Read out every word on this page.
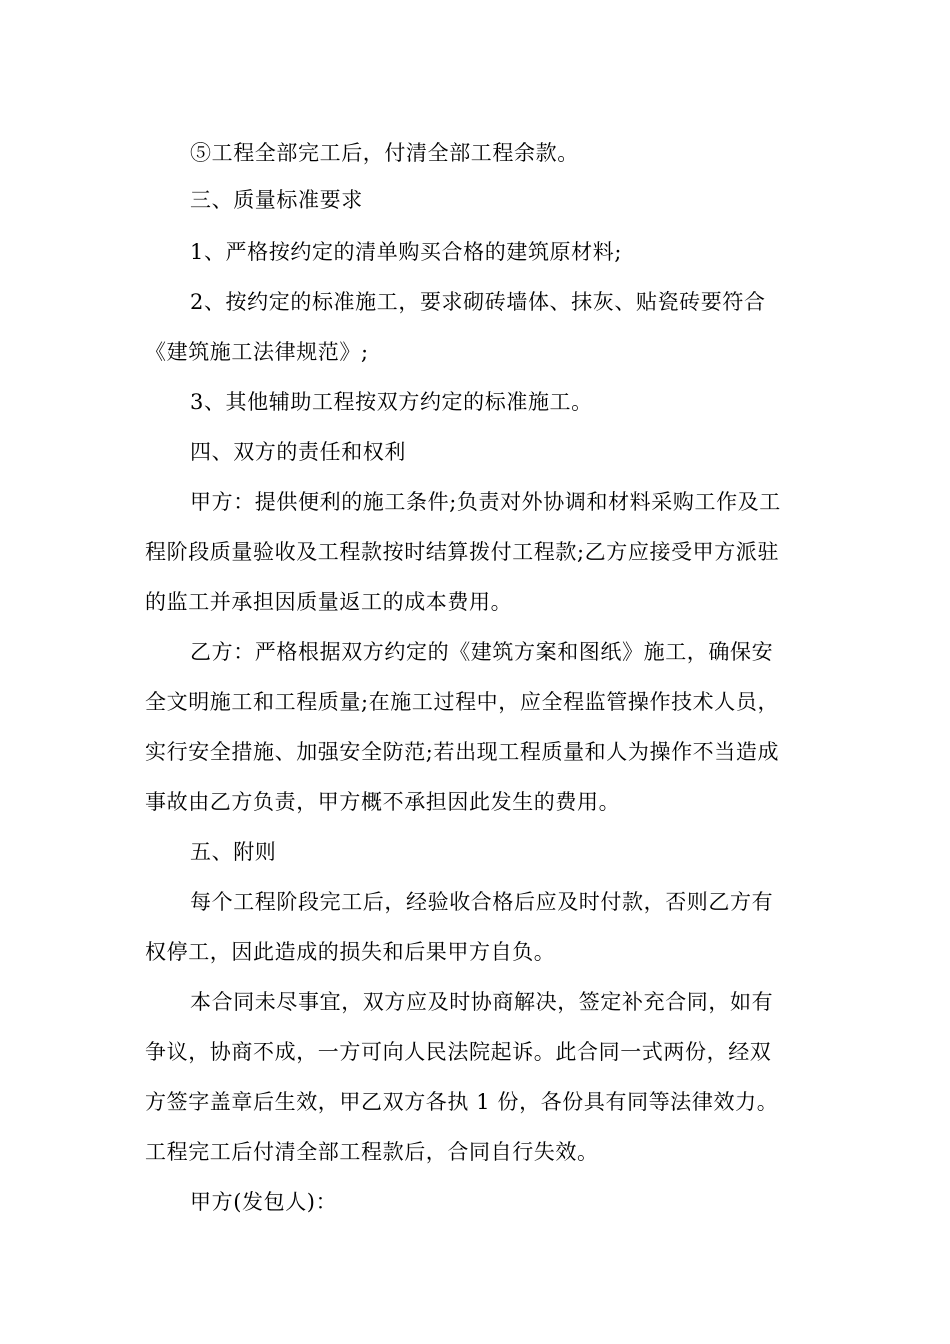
⑤工程全部完工后，付清全部工程余款。
三、质量标准要求
1、严格按约定的清单购买合格的建筑原材料;
2、按约定的标准施工，要求砌砖墙体、抹灰、贴瓷砖要符合
《建筑施工法律规范》;
3、其他辅助工程按双方约定的标准施工。
四、双方的责任和权利
甲方：提供便利的施工条件;负责对外协调和材料采购工作及工
程阶段质量验收及工程款按时结算拨付工程款;乙方应接受甲方派驻
的监工并承担因质量返工的成本费用。
乙方：严格根据双方约定的《建筑方案和图纸》施工，确保安
全文明施工和工程质量;在施工过程中，应全程监管操作技术人员，
实行安全措施、加强安全防范;若出现工程质量和人为操作不当造成
事故由乙方负责，甲方概不承担因此发生的费用。
五、附则
每个工程阶段完工后，经验收合格后应及时付款，否则乙方有
权停工，因此造成的损失和后果甲方自负。
本合同未尽事宜，双方应及时协商解决，签定补充合同，如有
争议，协商不成，一方可向人民法院起诉。此合同一式两份，经双
方签字盖章后生效，甲乙双方各执 1 份，各份具有同等法律效力。
工程完工后付清全部工程款后，合同自行失效。
甲方(发包人)：
